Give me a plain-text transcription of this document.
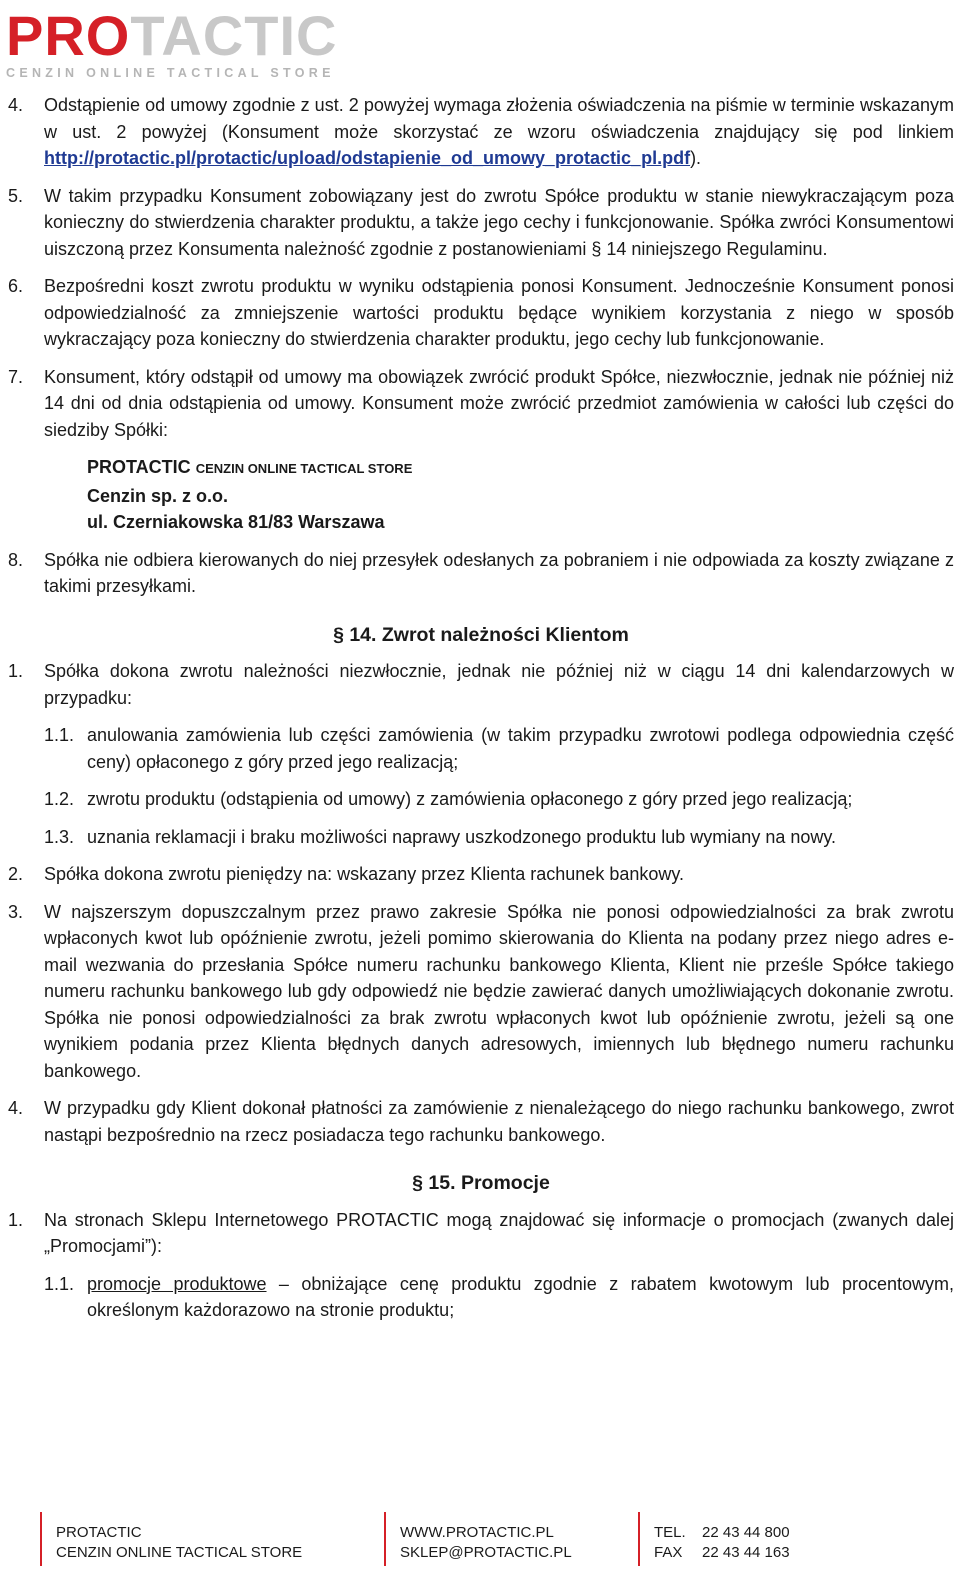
PROTACTIC
CENZIN ONLINE TACTICAL STORE
4. Odstąpienie od umowy zgodnie z ust. 2 powyżej wymaga złożenia oświadczenia na piśmie w terminie wskazanym w ust. 2 powyżej (Konsument może skorzystać ze wzoru oświadczenia znajdujący się pod linkiem http://protactic.pl/protactic/upload/odstapienie_od_umowy_protactic_pl.pdf).
5. W takim przypadku Konsument zobowiązany jest do zwrotu Spółce produktu w stanie niewykraczającym poza konieczny do stwierdzenia charakter produktu, a także jego cechy i funkcjonowanie. Spółka zwróci Konsumentowi uiszczoną przez Konsumenta należność zgodnie z postanowieniami § 14 niniejszego Regulaminu.
6. Bezpośredni koszt zwrotu produktu w wyniku odstąpienia ponosi Konsument. Jednocześnie Konsument ponosi odpowiedzialność za zmniejszenie wartości produktu będące wynikiem korzystania z niego w sposób wykraczający poza konieczny do stwierdzenia charakter produktu, jego cechy lub funkcjonowanie.
7. Konsument, który odstąpił od umowy ma obowiązek zwrócić produkt Spółce, niezwłocznie, jednak nie później niż 14 dni od dnia odstąpienia od umowy. Konsument może zwrócić przedmiot zamówienia w całości lub części do siedziby Spółki:
PROTACTIC CENZIN ONLINE TACTICAL STORE
Cenzin sp. z o.o.
ul. Czerniakowska 81/83 Warszawa
8. Spółka nie odbiera kierowanych do niej przesyłek odesłanych za pobraniem i nie odpowiada za koszty związane z takimi przesyłkami.
§ 14. Zwrot należności Klientom
1. Spółka dokona zwrotu należności niezwłocznie, jednak nie później niż w ciągu 14 dni kalendarzowych w przypadku:
1.1. anulowania zamówienia lub części zamówienia (w takim przypadku zwrotowi podlega odpowiednia część ceny) opłaconego z góry przed jego realizacją;
1.2. zwrotu produktu (odstąpienia od umowy) z zamówienia opłaconego z góry przed jego realizacją;
1.3. uznania reklamacji i braku możliwości naprawy uszkodzonego produktu lub wymiany na nowy.
2. Spółka dokona zwrotu pieniędzy na: wskazany przez Klienta rachunek bankowy.
3. W najszerszym dopuszczalnym przez prawo zakresie Spółka nie ponosi odpowiedzialności za brak zwrotu wpłaconych kwot lub opóźnienie zwrotu, jeżeli pomimo skierowania do Klienta na podany przez niego adres e-mail wezwania do przesłania Spółce numeru rachunku bankowego Klienta, Klient nie prześle Spółce takiego numeru rachunku bankowego lub gdy odpowiedź nie będzie zawierać danych umożliwiających dokonanie zwrotu. Spółka nie ponosi odpowiedzialności za brak zwrotu wpłaconych kwot lub opóźnienie zwrotu, jeżeli są one wynikiem podania przez Klienta błędnych danych adresowych, imiennych lub błędnego numeru rachunku bankowego.
4. W przypadku gdy Klient dokonał płatności za zamówienie z nienależącego do niego rachunku bankowego, zwrot nastąpi bezpośrednio na rzecz posiadacza tego rachunku bankowego.
§ 15. Promocje
1. Na stronach Sklepu Internetowego PROTACTIC mogą znajdować się informacje o promocjach (zwanych dalej „Promocjami”):
1.1. promocje produktowe – obniżające cenę produktu zgodnie z rabatem kwotowym lub procentowym, określonym każdorazowo na stronie produktu;
PROTACTIC
CENZIN ONLINE TACTICAL STORE
WWW.PROTACTIC.PL
SKLEP@PROTACTIC.PL
TEL. 22 43 44 800
FAX 22 43 44 163
